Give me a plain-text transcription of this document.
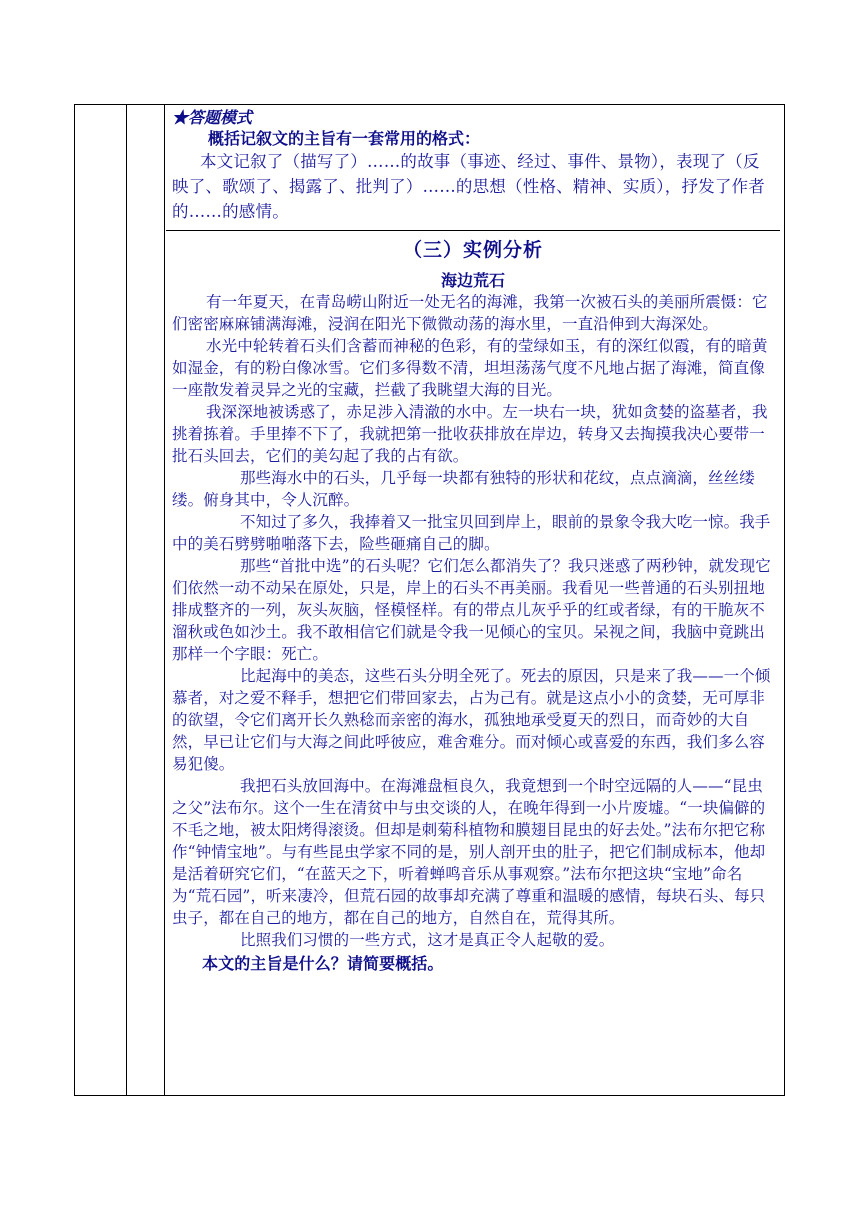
★答题模式
概括记叙文的主旨有一套常用的格式：
本文记叙了（描写了）……的故事（事迹、经过、事件、景物），表现了（反映了、歌颂了、揭露了、批判了）……的思想（性格、精神、实质），抒发了作者的……的感情。
（三）实例分析
海边荒石

有一年夏天，在青岛崂山附近一处无名的海滩，我第一次被石头的美丽所震慑：它们密密麻麻铺满海滩，浸润在阳光下微微动荡的海水里，一直沿伸到大海深处。

水光中轮转着石头们含蓄而神秘的色彩，有的莹绿如玉，有的深红似霞，有的暗黄如湿金，有的粉白像冰雪。它们多得数不清，坦坦荡荡气度不凡地占据了海滩，简直像一座散发着灵异之光的宝藏，拦截了我眺望大海的目光。

我深深地被诱惑了，赤足涉入清澈的水中。左一块右一块，犹如贪婪的盗墓者，我挑着拣着。手里捧不下了，我就把第一批收获排放在岸边，转身又去掏摸我决心要带一批石头回去，它们的美勾起了我的占有欲。

那些海水中的石头，几乎每一块都有独特的形状和花纹，点点滴滴，丝丝缕缕。俯身其中，令人沉醉。

不知过了多久，我捧着又一批宝贝回到岸上，眼前的景象令我大吃一惊。我手中的美石劈劈啪啪落下去，险些砸痛自己的脚。

那些“首批中选”的石头呢？它们怎么都消失了？我只迷惑了两秒钟，就发现它们依然一动不动呆在原处，只是，岸上的石头不再美丽。我看见一些普通的石头别扭地排成整齐的一列，灰头灰脑，怪模怪样。有的带点儿灰乎乎的红或者绿，有的干脆灰不溜秋或色如沙土。我不敢相信它们就是令我一见倾心的宝贝。呆视之间，我脑中竟跳出那样一个字眼：死亡。

比起海中的美态，这些石头分明全死了。死去的原因，只是来了我——一个倾慕者，对之爱不释手，想把它们带回家去，占为己有。就是这点小小的贪婪，无可厚非的欲望，令它们离开长久熟稔而亲密的海水，孤独地承受夏天的烈日，而奇妙的大自然，早已让它们与大海之间此呼彼应，难舍难分。而对倾心或喜爱的东西，我们多么容易犯傻。

我把石头放回海中。在海滩盘桓良久，我竟想到一个时空远隔的人——“昆虫之父”法布尔。这个一生在清贫中与虫交谈的人，在晚年得到一小片废墟。“一块偏僻的不毛之地，被太阳烤得滚烫。但却是刺菊科植物和膜翅目昆虫的好去处。”法布尔把它称作“钟情宝地”。与有些昆虫学家不同的是，别人剖开虫的肚子，把它们制成标本，他却是活着研究它们，“在蓝天之下，听着蝉鸣音乐从事观察。”法布尔把这块“宝地”命名为“荒石园”，听来凄冷，但荒石园的故事却充满了尊重和温暖的感情，每块石头、每只虫子，都在自己的地方，都在自己的地方，自然自在，荒得其所。

比照我们习惯的一些方式，这才是真正令人起敬的爱。

本文的主旨是什么？请简要概括。
